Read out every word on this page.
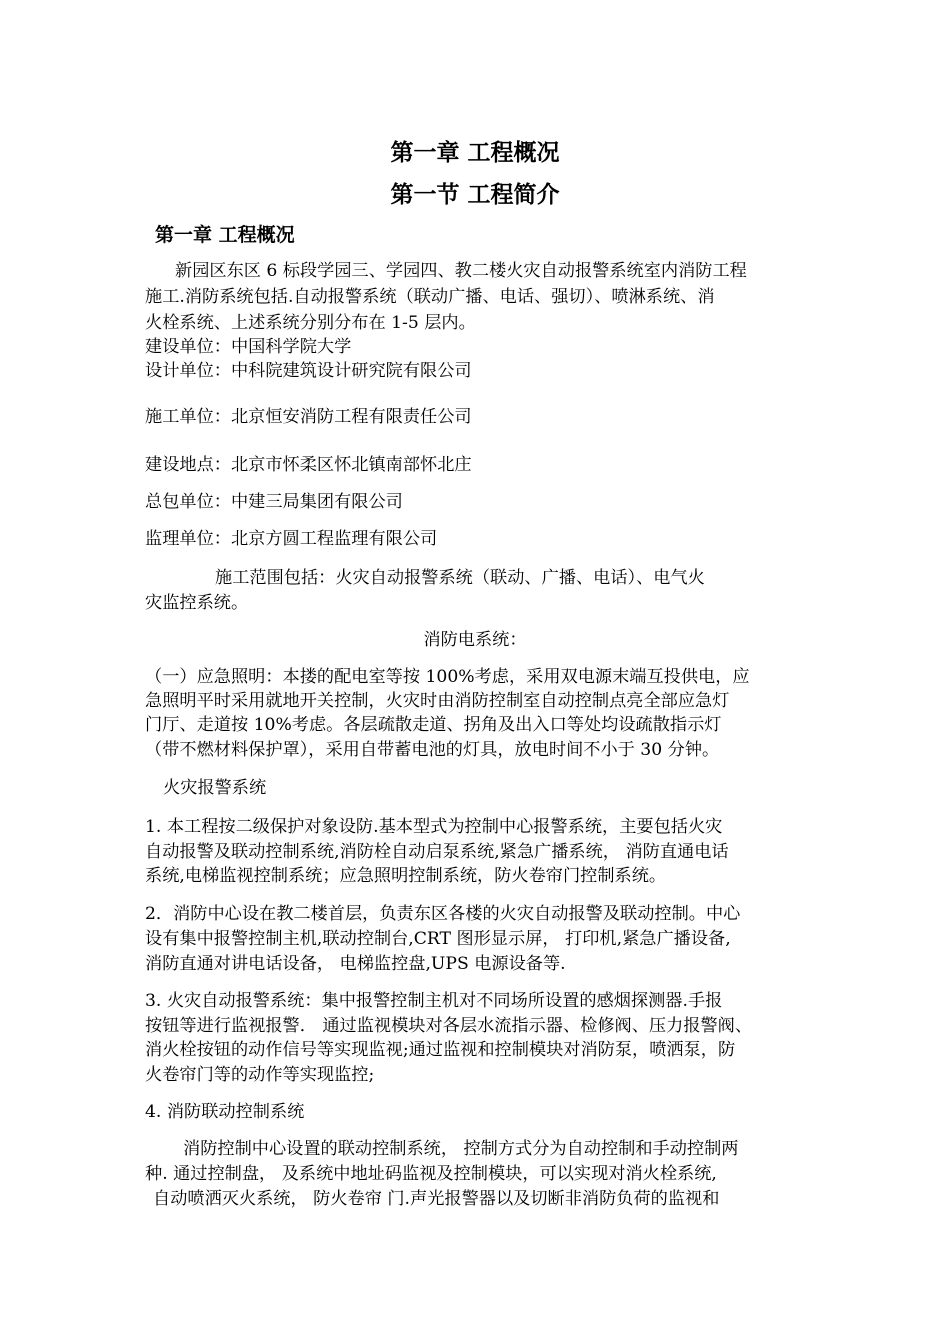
第一章 工程概况
第一节 工程简介
第一章 工程概况
新园区东区 6 标段学园三、学园四、教二楼火灾自动报警系统室内消防工程
施工.消防系统包括.自动报警系统（联动广播、电话、强切）、喷淋系统、消
火栓系统、上述系统分别分布在 1-5 层内。
建设单位：中国科学院大学
设计单位：中科院建筑设计研究院有限公司
施工单位：北京恒安消防工程有限责任公司
建设地点：北京市怀柔区怀北镇南部怀北庄
总包单位：中建三局集团有限公司
监理单位：北京方圆工程监理有限公司
施工范围包括：火灾自动报警系统（联动、广播、电话）、电气火
灾监控系统。
消防电系统：
（一）应急照明：本搂的配电室等按 100%考虑，采用双电源末端互投供电，应
急照明平时采用就地开关控制，火灾时由消防控制室自动控制点亮全部应急灯
门厅、走道按 10%考虑。各层疏散走道、拐角及出入口等处均设疏散指示灯
（带不燃材料保护罩），采用自带蓄电池的灯具，放电时间不小于 30 分钟。
火灾报警系统
1. 本工程按二级保护对象设防.基本型式为控制中心报警系统，主要包括火灾
自动报警及联动控制系统,消防栓自动启泵系统,紧急广播系统， 消防直通电话
系统,电梯监视控制系统；应急照明控制系统，防火卷帘门控制系统。
2．消防中心设在教二楼首层，负责东区各楼的火灾自动报警及联动控制。中心
设有集中报警控制主机,联动控制台,CRT 图形显示屏， 打印机,紧急广播设备,
消防直通对讲电话设备， 电梯监控盘,UPS 电源设备等.
3. 火灾自动报警系统：集中报警控制主机对不同场所设置的感烟探测器.手报
按钮等进行监视报警． 通过监视模块对各层水流指示器、检修阀、压力报警阀、
消火栓按钮的动作信号等实现监视;通过监视和控制模块对消防泵，喷洒泵，防
火卷帘门等的动作等实现监控;
4. 消防联动控制系统
消防控制中心设置的联动控制系统， 控制方式分为自动控制和手动控制两
种. 通过控制盘， 及系统中地址码监视及控制模块，可以实现对消火栓系统,
自动喷洒灭火系统， 防火卷帘 门.声光报警器以及切断非消防负荷的监视和
